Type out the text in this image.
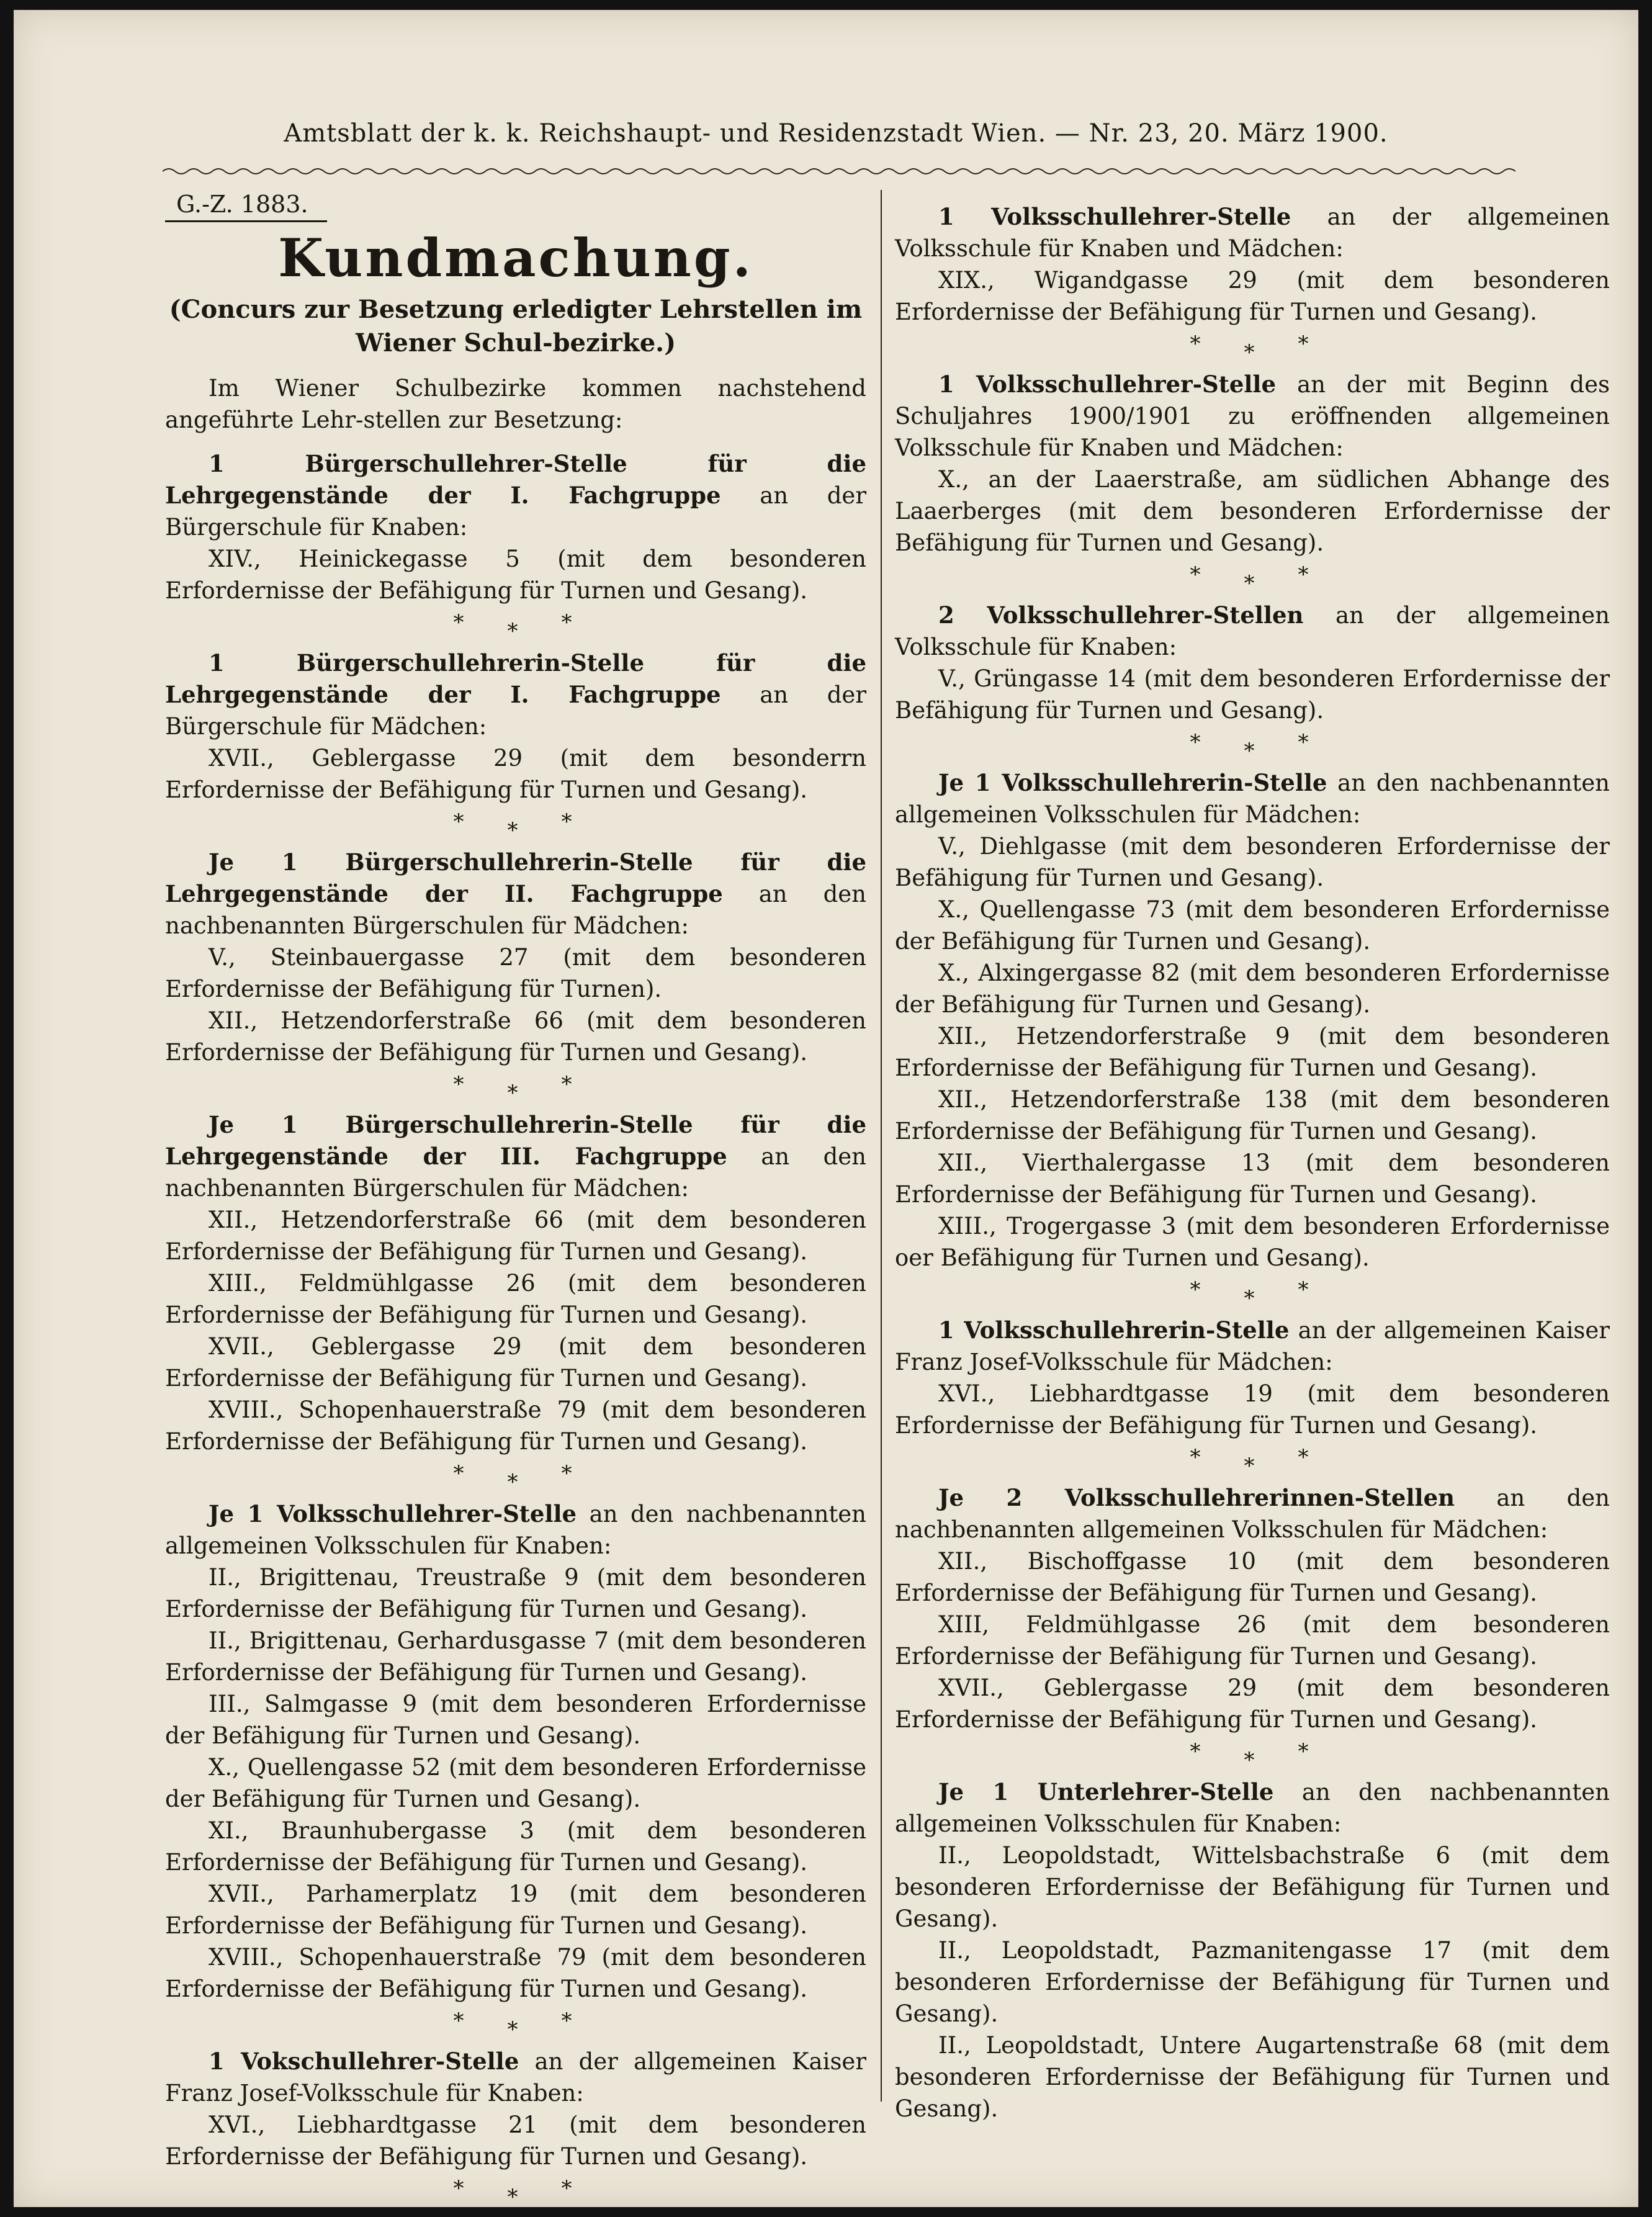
Amtsblatt der k. k. Reichshaupt- und Residenzstadt Wien. — Nr. 23, 20. März 1900.
G.-Z. 1883.
Kundmachung.
(Concurs zur Besetzung erledigter Lehrstellen im Wiener Schul-bezirke.)

Im Wiener Schulbezirke kommen nachstehend angeführte Lehr-stellen zur Besetzung:

1 Bürgerschullehrer-Stelle für die Lehrgegenstände der I. Fachgruppe an der Bürgerschule für Knaben:

XIV., Heinickegasse 5 (mit dem besonderen Erfordernisse der Befähigung für Turnen und Gesang).

***

1 Bürgerschullehrerin-Stelle für die Lehrgegenstände der I. Fachgruppe an der Bürgerschule für Mädchen:

XVII., Geblergasse 29 (mit dem besonderrn Erfordernisse der Befähigung für Turnen und Gesang).

***

Je 1 Bürgerschullehrerin-Stelle für die Lehrgegenstände der II. Fachgruppe an den nachbenannten Bürgerschulen für Mädchen:

V., Steinbauergasse 27 (mit dem besonderen Erfordernisse der Befähigung für Turnen).

XII., Hetzendorferstraße 66 (mit dem besonderen Erfordernisse der Befähigung für Turnen und Gesang).

***

Je 1 Bürgerschullehrerin-Stelle für die Lehrgegenstände der III. Fachgruppe an den nachbenannten Bürgerschulen für Mädchen:

XII., Hetzendorferstraße 66 (mit dem besonderen Erfordernisse der Befähigung für Turnen und Gesang).

XIII., Feldmühlgasse 26 (mit dem besonderen Erfordernisse der Befähigung für Turnen und Gesang).

XVII., Geblergasse 29 (mit dem besonderen Erfordernisse der Befähigung für Turnen und Gesang).

XVIII., Schopenhauerstraße 79 (mit dem besonderen Erfordernisse der Befähigung für Turnen und Gesang).

***

Je 1 Volksschullehrer-Stelle an den nachbenannten allgemeinen Volksschulen für Knaben:

II., Brigittenau, Treustraße 9 (mit dem besonderen Erfordernisse der Befähigung für Turnen und Gesang).

II., Brigittenau, Gerhardusgasse 7 (mit dem besonderen Erfordernisse der Befähigung für Turnen und Gesang).

III., Salmgasse 9 (mit dem besonderen Erfordernisse der Befähigung für Turnen und Gesang).

X., Quellengasse 52 (mit dem besonderen Erfordernisse der Befähigung für Turnen und Gesang).

XI., Braunhubergasse 3 (mit dem besonderen Erfordernisse der Befähigung für Turnen und Gesang).

XVII., Parhamerplatz 19 (mit dem besonderen Erfordernisse der Befähigung für Turnen und Gesang).

XVIII., Schopenhauerstraße 79 (mit dem besonderen Erfordernisse der Befähigung für Turnen und Gesang).

***

1 Vokschullehrer-Stelle an der allgemeinen Kaiser Franz Josef-Volksschule für Knaben:

XVI., Liebhardtgasse 21 (mit dem besonderen Erfordernisse der Befähigung für Turnen und Gesang).

***

1 Volksschullehrer-Stelle an der allgemeinen Volksschule für Knaben und Mädchen:

XIX., Wigandgasse 29 (mit dem besonderen Erfordernisse der Befähigung für Turnen und Gesang).

***

1 Volksschullehrer-Stelle an der mit Beginn des Schuljahres 1900/1901 zu eröffnenden allgemeinen Volksschule für Knaben und Mädchen:

X., an der Laaerstraße, am südlichen Abhange des Laaerberges (mit dem besonderen Erfordernisse der Befähigung für Turnen und Gesang).

***

2 Volksschullehrer-Stellen an der allgemeinen Volksschule für Knaben:

V., Grüngasse 14 (mit dem besonderen Erfordernisse der Befähigung für Turnen und Gesang).

***

Je 1 Volksschullehrerin-Stelle an den nachbenannten allgemeinen Volksschulen für Mädchen:

V., Diehlgasse (mit dem besonderen Erfordernisse der Befähigung für Turnen und Gesang).

X., Quellengasse 73 (mit dem besonderen Erfordernisse der Befähigung für Turnen und Gesang).

X., Alxingergasse 82 (mit dem besonderen Erfordernisse der Befähigung für Turnen und Gesang).

XII., Hetzendorferstraße 9 (mit dem besonderen Erfordernisse der Befähigung für Turnen und Gesang).

XII., Hetzendorferstraße 138 (mit dem besonderen Erfordernisse der Befähigung für Turnen und Gesang).

XII., Vierthalergasse 13 (mit dem besonderen Erfordernisse der Befähigung für Turnen und Gesang).

XIII., Trogergasse 3 (mit dem besonderen Erfordernisse oer Befähigung für Turnen und Gesang).

***

1 Volksschullehrerin-Stelle an der allgemeinen Kaiser Franz Josef-Volksschule für Mädchen:

XVI., Liebhardtgasse 19 (mit dem besonderen Erfordernisse der Befähigung für Turnen und Gesang).

***

Je 2 Volksschullehrerinnen-Stellen an den nachbenannten allgemeinen Volksschulen für Mädchen:

XII., Bischoffgasse 10 (mit dem besonderen Erfordernisse der Befähigung für Turnen und Gesang).

XIII, Feldmühlgasse 26 (mit dem besonderen Erfordernisse der Befähigung für Turnen und Gesang).

XVII., Geblergasse 29 (mit dem besonderen Erfordernisse der Befähigung für Turnen und Gesang).

***

Je 1 Unterlehrer-Stelle an den nachbenannten allgemeinen Volksschulen für Knaben:

II., Leopoldstadt, Wittelsbachstraße 6 (mit dem besonderen Erfordernisse der Befähigung für Turnen und Gesang).

II., Leopoldstadt, Pazmanitengasse 17 (mit dem besonderen Erfordernisse der Befähigung für Turnen und Gesang).

II., Leopoldstadt, Untere Augartenstraße 68 (mit dem besonderen Erfordernisse der Befähigung für Turnen und Gesang).
